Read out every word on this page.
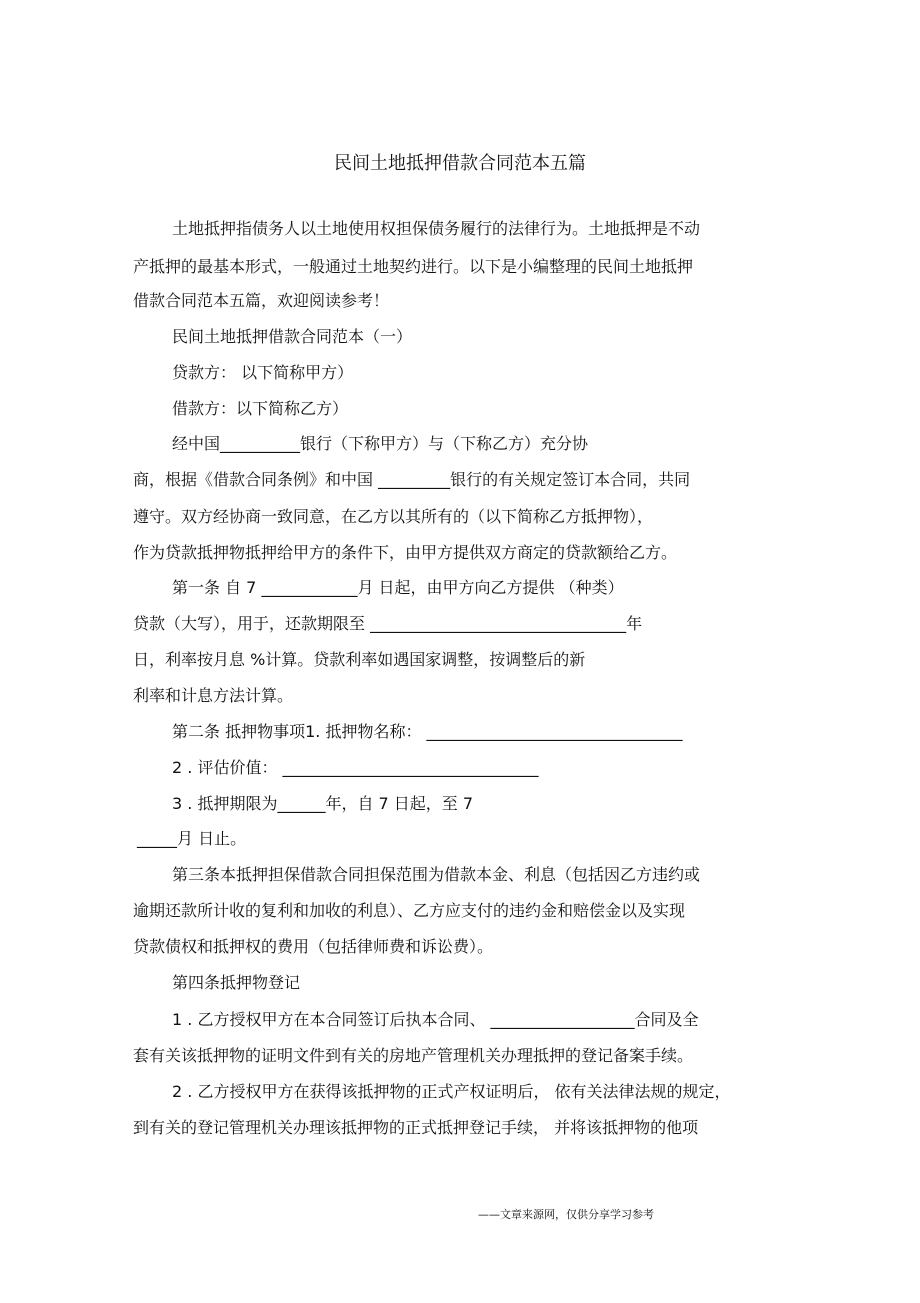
民间土地抵押借款合同范本五篇
土地抵押指债务人以土地使用权担保债务履行的法律行为。土地抵押是不动
产抵押的最基本形式，一般通过土地契约进行。以下是小编整理的民间土地抵押
借款合同范本五篇，欢迎阅读参考！
民间土地抵押借款合同范本（一）
贷款方： 以下简称甲方）
借款方：以下简称乙方）
经中国__________银行（下称甲方）与（下称乙方）充分协
商，根据《借款合同条例》和中国 _________银行的有关规定签订本合同，共同
遵守。双方经协商一致同意，在乙方以其所有的（以下简称乙方抵押物），
作为贷款抵押物抵押给甲方的条件下，由甲方提供双方商定的贷款额给乙方。
第一条 自 7 ____________月 日起，由甲方向乙方提供 （种类）
贷款（大写），用于，还款期限至 ________________________________年
日，利率按月息 %计算。贷款利率如遇国家调整，按调整后的新
利率和计息方法计算。
第二条 抵押物事项1. 抵押物名称： ________________________________
2 . 评估价值： ________________________________
3 . 抵押期限为______年，自 7 日起，至 7
_____月 日止。
第三条本抵押担保借款合同担保范围为借款本金、利息（包括因乙方违约或
逾期还款所计收的复利和加收的利息）、乙方应支付的违约金和赔偿金以及实现
贷款债权和抵押权的费用（包括律师费和诉讼费）。
第四条抵押物登记
1 . 乙方授权甲方在本合同签订后执本合同、 __________________合同及全
套有关该抵押物的证明文件到有关的房地产管理机关办理抵押的登记备案手续。
2 . 乙方授权甲方在获得该抵押物的正式产权证明后， 依有关法律法规的规定，
到有关的登记管理机关办理该抵押物的正式抵押登记手续， 并将该抵押物的他项
——文章来源网，仅供分享学习参考
